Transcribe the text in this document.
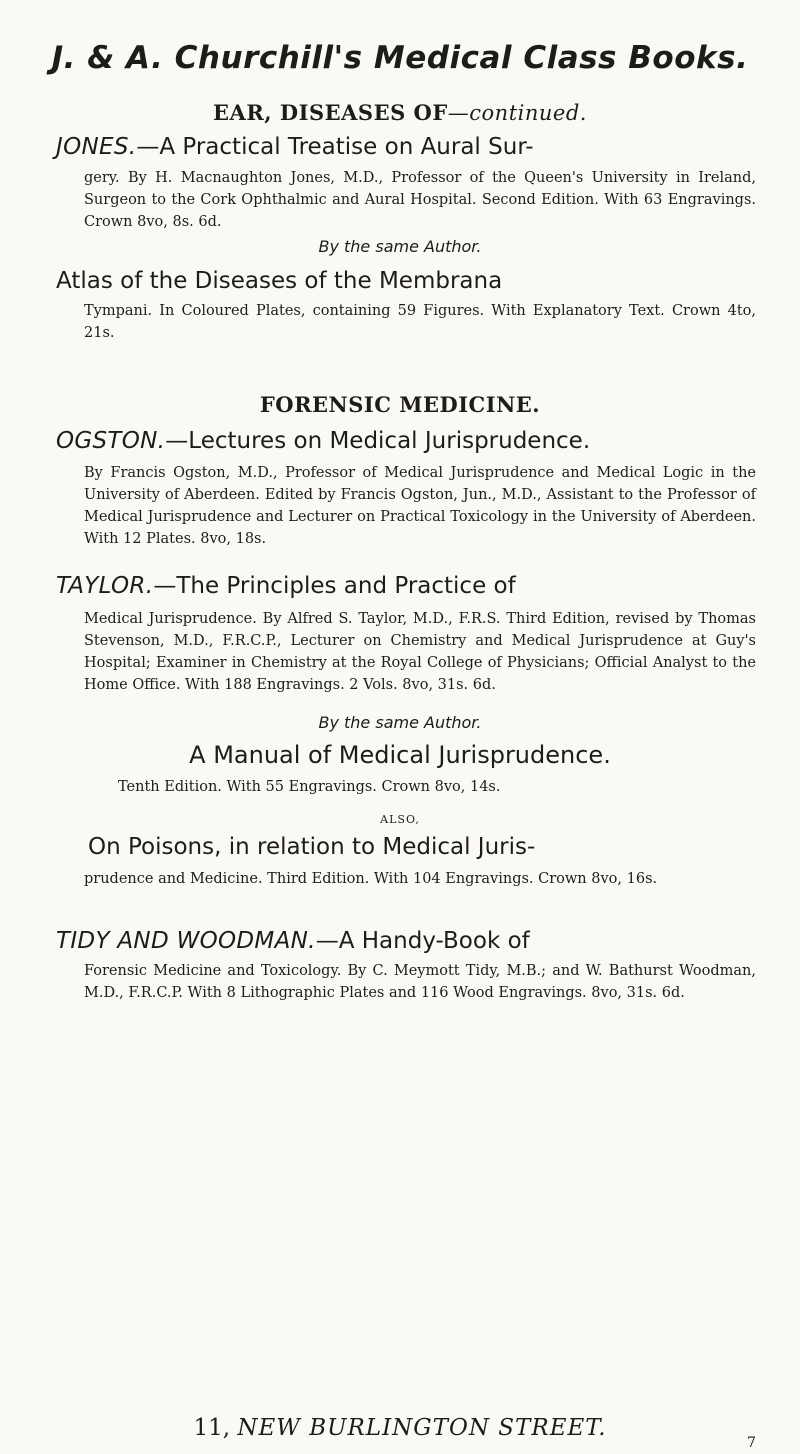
J. & A. Churchill's Medical Class Books.
EAR, DISEASES OF—continued.
JONES.—A Practical Treatise on Aural Sur-
gery. By H. Macnaughton Jones, M.D., Professor of the Queen's University in Ireland, Surgeon to the Cork Ophthalmic and Aural Hospital. Second Edition. With 63 Engravings. Crown 8vo, 8s. 6d.
By the same Author.
Atlas of the Diseases of the Membrana
Tympani. In Coloured Plates, containing 59 Figures. With Explanatory Text. Crown 4to, 21s.
FORENSIC MEDICINE.
OGSTON.—Lectures on Medical Jurisprudence.
By Francis Ogston, M.D., Professor of Medical Jurisprudence and Medical Logic in the University of Aberdeen. Edited by Francis Ogston, Jun., M.D., Assistant to the Professor of Medical Jurisprudence and Lecturer on Practical Toxicology in the University of Aberdeen. With 12 Plates. 8vo, 18s.
TAYLOR.—The Principles and Practice of
Medical Jurisprudence. By Alfred S. Taylor, M.D., F.R.S. Third Edition, revised by Thomas Stevenson, M.D., F.R.C.P., Lecturer on Chemistry and Medical Jurisprudence at Guy's Hospital; Examiner in Chemistry at the Royal College of Physicians; Official Analyst to the Home Office. With 188 Engravings. 2 Vols. 8vo, 31s. 6d.
By the same Author.
A Manual of Medical Jurisprudence.
Tenth Edition. With 55 Engravings. Crown 8vo, 14s.
ALSO,
On Poisons, in relation to Medical Juris-
prudence and Medicine. Third Edition. With 104 Engravings. Crown 8vo, 16s.
TIDY AND WOODMAN.—A Handy-Book of
Forensic Medicine and Toxicology. By C. Meymott Tidy, M.B.; and W. Bathurst Woodman, M.D., F.R.C.P. With 8 Lithographic Plates and 116 Wood Engravings. 8vo, 31s. 6d.
11, NEW BURLINGTON STREET.
7
